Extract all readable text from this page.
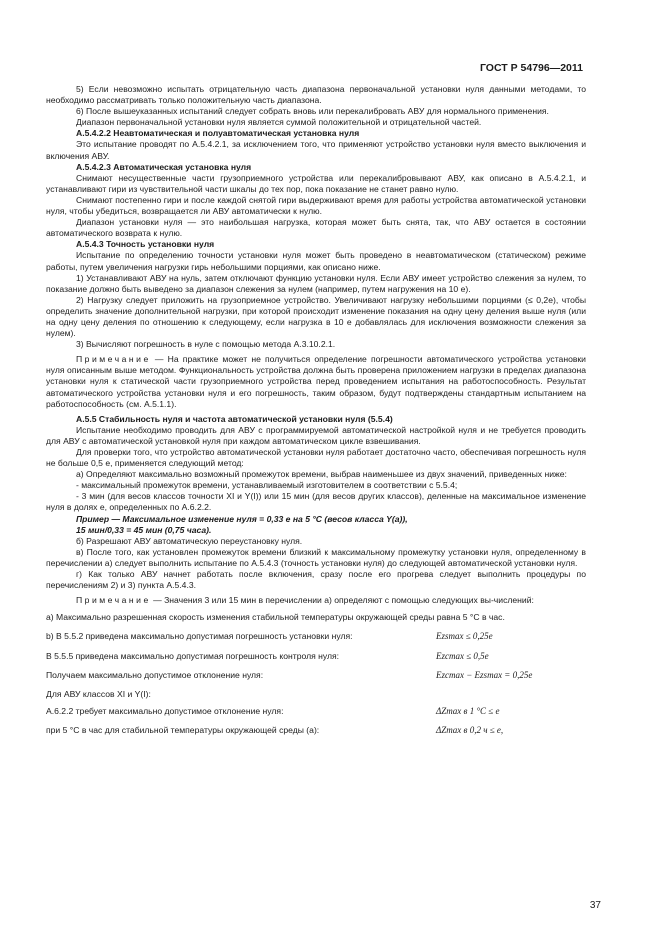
ГОСТ Р 54796—2011

5) Если невозможно испытать отрицательную часть диапазона первоначальной установки нуля данными методами, то необходимо рассматривать только положительную часть диапазона.

6) После вышеуказанных испытаний следует собрать вновь или перекалибровать АВУ для нормального применения.

Диапазон первоначальной установки нуля является суммой положительной и отрицательной частей.

А.5.4.2.2 Неавтоматическая и полуавтоматическая установка нуля

Это испытание проводят по А.5.4.2.1, за исключением того, что применяют устройство установки нуля вместо выключения и включения АВУ.

А.5.4.2.3 Автоматическая установка нуля

Снимают несущественные части грузоприемного устройства или перекалибровывают АВУ, как описано в А.5.4.2.1, и устанавливают гири из чувствительной части шкалы до тех пор, пока показание не станет равно нулю.

Снимают постепенно гири и после каждой снятой гири выдерживают время для работы устройства автоматической установки нуля, чтобы убедиться, возвращается ли АВУ автоматически к нулю.

Диапазон установки нуля — это наибольшая нагрузка, которая может быть снята, так, что АВУ остается в состоянии автоматического возврата к нулю.

А.5.4.3 Точность установки нуля

Испытание по определению точности установки нуля может быть проведено в неавтоматическом (статическом) режиме работы, путем увеличения нагрузки гирь небольшими порциями, как описано ниже.

1) Устанавливают АВУ на нуль, затем отключают функцию установки нуля. Если АВУ имеет устройство слежения за нулем, то показание должно быть выведено за диапазон слежения за нулем (например, путем нагружения на 10 е).

2) Нагрузку следует приложить на грузоприемное устройство. Увеличивают нагрузку небольшими порциями (≤ 0,2е), чтобы определить значение дополнительной нагрузки, при которой происходит изменение показания на одну цену деления выше нуля (или на одну цену деления по отношению к следующему, если нагрузка в 10 е добавлялась для исключения возможности слежения за нулем).

3) Вычисляют погрешность в нуле с помощью метода А.3.10.2.1.

Примечание — На практике может не получиться определение погрешности автоматического устройства установки нуля описанным выше методом. Функциональность устройства должна быть проверена приложением нагрузки в пределах диапазона установки нуля к статической части грузоприемного устройства перед проведением испытания на работоспособность. Результат автоматического устройства установки нуля и его погрешность, таким образом, будут подтверждены стандартным испытанием на работоспособность (см. А.5.1.1).

А.5.5 Стабильность нуля и частота автоматической установки нуля (5.5.4)

Испытание необходимо проводить для АВУ с программируемой автоматической настройкой нуля и не требуется проводить для АВУ с автоматической установкой нуля при каждом автоматическом цикле взвешивания.

Для проверки того, что устройство автоматической установки нуля работает достаточно часто, обеспечивая погрешность нуля не больше 0,5 е, применяется следующий метод:

а) Определяют максимально возможный промежуток времени, выбрав наименьшее из двух значений, приведенных ниже:

- максимальный промежуток времени, устанавливаемый изготовителем в соответствии с 5.5.4;

- 3 мин (для весов классов точности XI и Y(I)) или 15 мин (для весов других классов), деленные на максимальное изменение нуля в долях е, определенных по А.6.2.2.

Пример — Максимальное изменение нуля = 0,33 е на 5 °С (весов класса Y(a)),

15 мин/0,33 = 45 мин (0,75 часа).

б) Разрешают АВУ автоматическую переустановку нуля.

в) После того, как установлен промежуток времени близкий к максимальному промежутку установки нуля, определенному в перечислении а) следует выполнить испытание по А.5.4.3 (точность установки нуля) до следующей автоматической установки нуля.

г) Как только АВУ начнет работать после включения, сразу после его прогрева следует выполнить процедуры по перечислениям 2) и 3) пункта А.5.4.3.

Примечание — Значения 3 или 15 мин в перечислении а) определяют с помощью следующих вы-числений:

а) Максимально разрешенная скорость изменения стабильной температуры окружающей среды равна 5 °С в час.

b) В 5.5.2 приведена максимально допустимая погрешность установки нуля:	Ezsmax ≤ 0,25e
В 5.5.5 приведена максимально допустимая погрешность контроля нуля:	Ezcmax ≤ 0,5e
Получаем максимально допустимое отклонение нуля:	Ezcmax − Ezsmax = 0,25e

Для АВУ классов XI и Y(I):

А.6.2.2 требует максимально допустимое отклонение нуля:	ΔZmax в 1 °С ≤ е
при 5 °С в час для стабильной температуры окружающей среды (а):	ΔZmax в 0,2 ч ≤ е,
37
